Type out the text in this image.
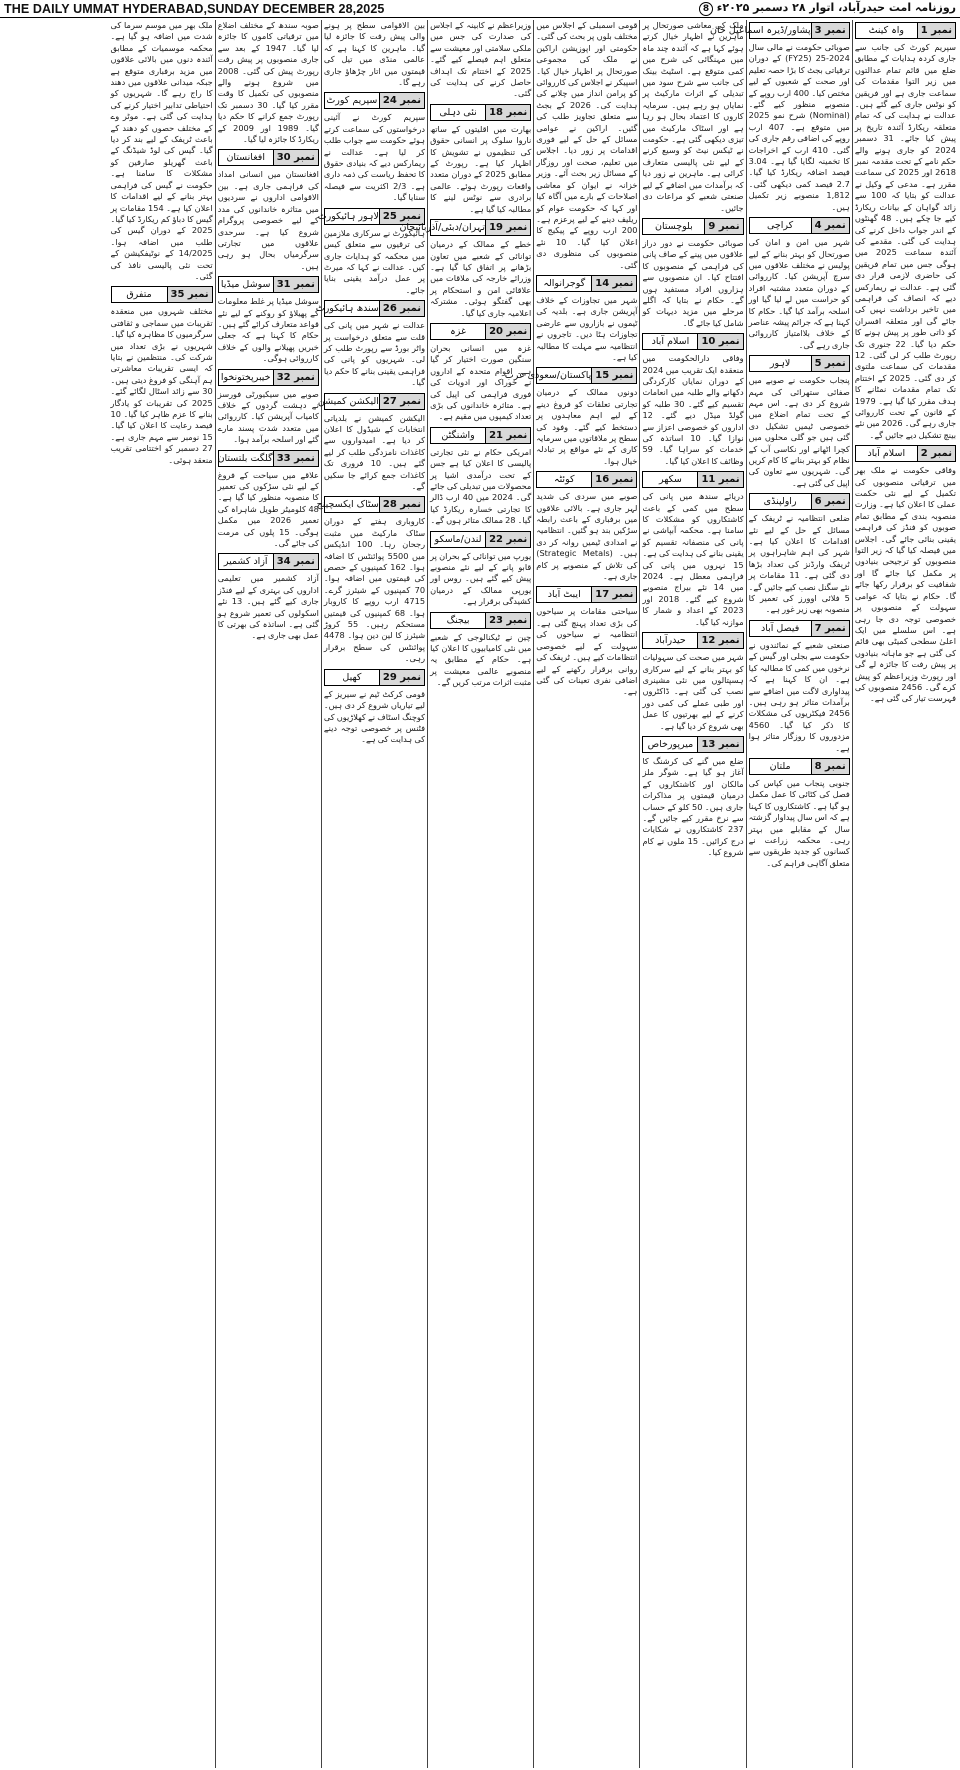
THE DAILY UMMAT HYDERABAD,SUNDAY DECEMBER 28,2025	روزنامہ امت حیدرآباد، اتوار ۲۸ دسمبر ۲۰۲۵ء 8
نمبر 1
واہ کینٹ

سپریم کورٹ کی جانب سے جاری کردہ ہدایات کے مطابق ضلع میں قائم تمام عدالتوں میں زیر التوا مقدمات کی سماعت جاری ہے اور فریقین کو نوٹس جاری کیے گئے ہیں۔ عدالت نے ہدایت کی کہ تمام متعلقہ ریکارڈ آئندہ تاریخ پر پیش کیا جائے۔ 31 دسمبر 2024 کو جاری ہونے والے حکم نامے کے تحت مقدمہ نمبر 2618 اور 2025 کی سماعت مقرر ہے۔ مدعی کے وکیل نے عدالت کو بتایا کہ 100 سے زائد گواہان کے بیانات ریکارڈ کیے جا چکے ہیں۔ 48 گھنٹوں کے اندر جواب داخل کرنے کی ہدایت کی گئی۔ مقدمے کی آئندہ سماعت 2025 میں ہوگی جس میں تمام فریقین کی حاضری لازمی قرار دی گئی ہے۔ عدالت نے ریمارکس دیے کہ انصاف کی فراہمی میں تاخیر برداشت نہیں کی جائے گی اور متعلقہ افسران کو ذاتی طور پر پیش ہونے کا حکم دیا گیا۔ 22 جنوری تک رپورٹ طلب کر لی گئی۔ 12 مقدمات کی سماعت ملتوی کر دی گئی۔ 2025 کے اختتام تک تمام مقدمات نمٹانے کا ہدف مقرر کیا گیا ہے۔ 1979 کے قانون کے تحت کارروائی جاری رہے گی۔ 2026 میں نئے بینچ تشکیل دیے جائیں گے۔

نمبر 2
اسلام آباد

وفاقی حکومت نے ملک بھر میں ترقیاتی منصوبوں کی تکمیل کے لیے نئی حکمت عملی کا اعلان کیا ہے۔ وزارت منصوبہ بندی کے مطابق تمام صوبوں کو فنڈز کی فراہمی یقینی بنائی جائے گی۔ اجلاس میں فیصلہ کیا گیا کہ زیر التوا منصوبوں کو ترجیحی بنیادوں پر مکمل کیا جائے گا اور شفافیت کو برقرار رکھا جائے گا۔ حکام نے بتایا کہ عوامی سہولت کے منصوبوں پر خصوصی توجہ دی جا رہی ہے۔ اس سلسلے میں ایک اعلیٰ سطحی کمیٹی بھی قائم کی گئی ہے جو ماہانہ بنیادوں پر پیش رفت کا جائزہ لے گی اور رپورٹ وزیراعظم کو پیش کرے گی۔ 2456 منصوبوں کی فہرست تیار کی گئی ہے۔

نمبر 3
پشاور/ڈیرہ اسماعیل خان

صوبائی حکومت نے مالی سال 2024-25 (FY25) کے دوران ترقیاتی بجٹ کا بڑا حصہ تعلیم اور صحت کے شعبوں کے لیے مختص کیا۔ 400 ارب روپے کے منصوبے منظور کیے گئے۔ (Nominal) شرح نمو 2025 میں متوقع ہے۔ 407 ارب روپے کی اضافی رقم جاری کی گئی۔ 410 ارب کے اخراجات کا تخمینہ لگایا گیا ہے۔ 3.04 فیصد اضافہ ریکارڈ کیا گیا۔ 2.7 فیصد کمی دیکھی گئی۔ 1,812 منصوبے زیر تکمیل ہیں۔

نمبر 4
کراچی

شہر میں امن و امان کی صورتحال کو بہتر بنانے کے لیے پولیس نے مختلف علاقوں میں سرچ آپریشن کیا۔ کارروائی کے دوران متعدد مشتبہ افراد کو حراست میں لے لیا گیا اور اسلحہ برآمد کیا گیا۔ حکام کا کہنا ہے کہ جرائم پیشہ عناصر کے خلاف بلاامتیاز کارروائی جاری رہے گی۔

نمبر 5
لاہور

پنجاب حکومت نے صوبے میں صفائی ستھرائی کی مہم شروع کر دی ہے۔ اس مہم کے تحت تمام اضلاع میں خصوصی ٹیمیں تشکیل دی گئی ہیں جو گلی محلوں میں کچرا اٹھانے اور نکاسی آب کے نظام کو بہتر بنانے کا کام کریں گی۔ شہریوں سے تعاون کی اپیل کی گئی ہے۔

نمبر 6
راولپنڈی

ضلعی انتظامیہ نے ٹریفک کے مسائل کے حل کے لیے نئے اقدامات کا اعلان کیا ہے۔ شہر کی اہم شاہراہوں پر ٹریفک وارڈنز کی تعداد بڑھا دی گئی ہے۔ 11 مقامات پر نئے سگنل نصب کیے جائیں گے۔ 5 فلائی اوورز کی تعمیر کا منصوبہ بھی زیر غور ہے۔

نمبر 7
فیصل آباد

صنعتی شعبے کے نمائندوں نے حکومت سے بجلی اور گیس کے نرخوں میں کمی کا مطالبہ کیا ہے۔ ان کا کہنا ہے کہ پیداواری لاگت میں اضافے سے برآمدات متاثر ہو رہی ہیں۔ 2456 فیکٹریوں کی مشکلات کا ذکر کیا گیا۔ 4560 مزدوروں کا روزگار متاثر ہوا ہے۔

نمبر 8
ملتان

جنوبی پنجاب میں کپاس کی فصل کی کٹائی کا عمل مکمل ہو گیا ہے۔ کاشتکاروں کا کہنا ہے کہ اس سال پیداوار گزشتہ سال کے مقابلے میں بہتر رہی۔ محکمہ زراعت نے کسانوں کو جدید طریقوں سے متعلق آگاہی فراہم کی۔

ملک کی معاشی صورتحال پر ماہرین نے اظہار خیال کرتے ہوئے کہا ہے کہ آئندہ چند ماہ میں مہنگائی کی شرح میں کمی متوقع ہے۔ اسٹیٹ بینک کی جانب سے شرح سود میں تبدیلی کے اثرات مارکیٹ پر نمایاں ہو رہے ہیں۔ سرمایہ کاروں کا اعتماد بحال ہو رہا ہے اور اسٹاک مارکیٹ میں تیزی دیکھی گئی ہے۔ حکومت نے ٹیکس نیٹ کو وسیع کرنے کے لیے نئی پالیسی متعارف کرائی ہے۔ ماہرین نے زور دیا کہ برآمدات میں اضافے کے لیے صنعتی شعبے کو مراعات دی جائیں۔

نمبر 9
بلوچستان

صوبائی حکومت نے دور دراز علاقوں میں پینے کے صاف پانی کی فراہمی کے منصوبوں کا افتتاح کیا۔ ان منصوبوں سے ہزاروں افراد مستفید ہوں گے۔ حکام نے بتایا کہ اگلے مرحلے میں مزید دیہات کو شامل کیا جائے گا۔

نمبر 10
اسلام آباد

وفاقی دارالحکومت میں منعقدہ ایک تقریب میں 2024 کے دوران نمایاں کارکردگی دکھانے والے طلبہ میں انعامات تقسیم کیے گئے۔ 30 طلبہ کو گولڈ میڈل دیے گئے۔ 12 اداروں کو خصوصی اعزاز سے نوازا گیا۔ 10 اساتذہ کی خدمات کو سراہا گیا۔ 59 وظائف کا اعلان کیا گیا۔

نمبر 11
سکھر

دریائے سندھ میں پانی کی سطح میں کمی کے باعث کاشتکاروں کو مشکلات کا سامنا ہے۔ محکمہ آبپاشی نے پانی کی منصفانہ تقسیم کو یقینی بنانے کی ہدایت کی ہے۔ 15 نہروں میں پانی کی فراہمی معطل ہے۔ 2024 میں 14 نئے بیراج منصوبے شروع کیے گئے۔ 2018 اور 2023 کے اعداد و شمار کا موازنہ کیا گیا۔

نمبر 12
حیدرآباد

شہر میں صحت کی سہولیات کو بہتر بنانے کے لیے سرکاری ہسپتالوں میں نئی مشینری نصب کی گئی ہے۔ ڈاکٹروں اور طبی عملے کی کمی دور کرنے کے لیے بھرتیوں کا عمل بھی شروع کر دیا گیا ہے۔

نمبر 13
میرپورخاص

ضلع میں گنے کی کرشنگ کا آغاز ہو گیا ہے۔ شوگر ملز مالکان اور کاشتکاروں کے درمیان قیمتوں پر مذاکرات جاری ہیں۔ 50 کلو کے حساب سے نرخ مقرر کیے جائیں گے۔ 237 کاشتکاروں نے شکایات درج کرائیں۔ 15 ملوں نے کام شروع کیا۔

قومی اسمبلی کے اجلاس میں مختلف بلوں پر بحث کی گئی۔ حکومتی اور اپوزیشن اراکین نے ملک کی مجموعی صورتحال پر اظہار خیال کیا۔ اسپیکر نے اجلاس کی کارروائی کو پرامن انداز میں چلانے کی ہدایت کی۔ 2026 کے بجٹ سے متعلق تجاویز طلب کی گئیں۔ اراکین نے عوامی مسائل کے حل کے لیے فوری اقدامات پر زور دیا۔ اجلاس میں تعلیم، صحت اور روزگار کے مسائل زیر بحث آئے۔ وزیر خزانہ نے ایوان کو معاشی اصلاحات کے بارے میں آگاہ کیا اور کہا کہ حکومت عوام کو ریلیف دینے کے لیے پرعزم ہے۔ 200 ارب روپے کے پیکیج کا اعلان کیا گیا۔ 10 نئے منصوبوں کی منظوری دی گئی۔

نمبر 14
گوجرانوالہ

شہر میں تجاوزات کے خلاف آپریشن جاری ہے۔ بلدیہ کی ٹیموں نے بازاروں سے عارضی تجاوزات ہٹا دیں۔ تاجروں نے انتظامیہ سے مہلت کا مطالبہ کیا ہے۔

نمبر 15
پاکستان/سعودی عرب

دونوں ممالک کے درمیان تجارتی تعلقات کو فروغ دینے کے لیے اہم معاہدوں پر دستخط کیے گئے۔ وفود کی سطح پر ملاقاتوں میں سرمایہ کاری کے نئے مواقع پر تبادلہ خیال ہوا۔

نمبر 16
کوئٹہ

صوبے میں سردی کی شدید لہر جاری ہے۔ بالائی علاقوں میں برفباری کے باعث رابطہ سڑکیں بند ہو گئیں۔ انتظامیہ نے امدادی ٹیمیں روانہ کر دی ہیں۔ (Strategic Metals) کی تلاش کے منصوبے پر کام جاری ہے۔

نمبر 17
ایبٹ آباد

سیاحتی مقامات پر سیاحوں کی بڑی تعداد پہنچ گئی ہے۔ انتظامیہ نے سیاحوں کی سہولت کے لیے خصوصی انتظامات کیے ہیں۔ ٹریفک کی روانی برقرار رکھنے کے لیے اضافی نفری تعینات کی گئی ہے۔

وزیراعظم نے کابینہ کے اجلاس کی صدارت کی جس میں ملکی سلامتی اور معیشت سے متعلق اہم فیصلے کیے گئے۔ 2025 کے اختتام تک اہداف حاصل کرنے کی ہدایت کی گئی۔

نمبر 18
نئی دہلی

بھارت میں اقلیتوں کے ساتھ ناروا سلوک پر انسانی حقوق کی تنظیموں نے تشویش کا اظہار کیا ہے۔ رپورٹ کے مطابق 2025 کے دوران متعدد واقعات رپورٹ ہوئے۔ عالمی برادری سے نوٹس لینے کا مطالبہ کیا گیا ہے۔

نمبر 19
تہران/دبئی/آذربائیجان

خطے کے ممالک کے درمیان توانائی کے شعبے میں تعاون بڑھانے پر اتفاق کیا گیا ہے۔ وزرائے خارجہ کی ملاقات میں علاقائی امن و استحکام پر بھی گفتگو ہوئی۔ مشترکہ اعلامیہ جاری کیا گیا۔

نمبر 20
غزہ

غزہ میں انسانی بحران سنگین صورت اختیار کر گیا ہے۔ اقوام متحدہ کے اداروں نے خوراک اور ادویات کی فوری فراہمی کی اپیل کی ہے۔ متاثرہ خاندانوں کی بڑی تعداد کیمپوں میں مقیم ہے۔

نمبر 21
واشنگٹن

امریکی حکام نے نئی تجارتی پالیسی کا اعلان کیا ہے جس کے تحت درآمدی اشیا پر محصولات میں تبدیلی کی جائے گی۔ 2024 میں 40 ارب ڈالر کا تجارتی خسارہ ریکارڈ کیا گیا۔ 28 ممالک متاثر ہوں گے۔

نمبر 22
لندن/ماسکو

یورپ میں توانائی کے بحران پر قابو پانے کے لیے نئے منصوبے پیش کیے گئے ہیں۔ روس اور یورپی ممالک کے درمیان کشیدگی برقرار ہے۔

نمبر 23
بیجنگ

چین نے ٹیکنالوجی کے شعبے میں نئی کامیابیوں کا اعلان کیا ہے۔ حکام کے مطابق یہ منصوبے عالمی معیشت پر مثبت اثرات مرتب کریں گے۔

بین الاقوامی سطح پر ہونے والی پیش رفت کا جائزہ لیا گیا۔ ماہرین کا کہنا ہے کہ عالمی منڈی میں تیل کی قیمتوں میں اتار چڑھاؤ جاری رہے گا۔

نمبر 24
سپریم کورٹ

سپریم کورٹ نے آئینی درخواستوں کی سماعت کرتے ہوئے حکومت سے جواب طلب کر لیا ہے۔ عدالت نے ریمارکس دیے کہ بنیادی حقوق کا تحفظ ریاست کی ذمہ داری ہے۔ 2/3 اکثریت سے فیصلہ سنایا گیا۔

نمبر 25
لاہور ہائیکورٹ

ہائیکورٹ نے سرکاری ملازمین کی ترقیوں سے متعلق کیس میں محکمہ کو ہدایات جاری کیں۔ عدالت نے کہا کہ میرٹ پر عمل درآمد یقینی بنایا جائے۔

نمبر 26
سندھ ہائیکورٹ

عدالت نے شہر میں پانی کی قلت سے متعلق درخواست پر واٹر بورڈ سے رپورٹ طلب کر لی۔ شہریوں کو پانی کی فراہمی یقینی بنانے کا حکم دیا گیا۔

نمبر 27
الیکشن کمیشن

الیکشن کمیشن نے بلدیاتی انتخابات کے شیڈول کا اعلان کر دیا ہے۔ امیدواروں سے کاغذات نامزدگی طلب کر لیے گئے ہیں۔ 10 فروری تک کاغذات جمع کرائے جا سکیں گے۔

نمبر 28
سٹاک ایکسچینج

کاروباری ہفتے کے دوران سٹاک مارکیٹ میں مثبت رجحان رہا۔ 100 انڈیکس میں 5500 پوائنٹس کا اضافہ ہوا۔ 162 کمپنیوں کے حصص کی قیمتوں میں اضافہ ہوا۔ 70 کمپنیوں کے شیئرز گرے۔ 4715 ارب روپے کا کاروبار ہوا۔ 68 کمپنیوں کی قیمتیں مستحکم رہیں۔ 55 کروڑ شیئرز کا لین دین ہوا۔ 4478 پوائنٹس کی سطح برقرار رہی۔

نمبر 29
کھیل

قومی کرکٹ ٹیم نے سیریز کے لیے تیاریاں شروع کر دی ہیں۔ کوچنگ اسٹاف نے کھلاڑیوں کی فٹنس پر خصوصی توجہ دینے کی ہدایت کی ہے۔

صوبہ سندھ کے مختلف اضلاع میں ترقیاتی کاموں کا جائزہ لیا گیا۔ 1947 کے بعد سے جاری منصوبوں پر پیش رفت رپورٹ پیش کی گئی۔ 2008 میں شروع ہونے والے منصوبوں کی تکمیل کا وقت مقرر کیا گیا۔ 30 دسمبر تک رپورٹ جمع کرانے کا حکم دیا گیا۔ 1989 اور 2009 کے ریکارڈ کا جائزہ لیا گیا۔

نمبر 30
افغانستان

افغانستان میں انسانی امداد کی فراہمی جاری ہے۔ بین الاقوامی اداروں نے سردیوں میں متاثرہ خاندانوں کی مدد کے لیے خصوصی پروگرام شروع کیا ہے۔ سرحدی علاقوں میں تجارتی سرگرمیاں بحال ہو رہی ہیں۔

نمبر 31
سوشل میڈیا

سوشل میڈیا پر غلط معلومات کے پھیلاؤ کو روکنے کے لیے نئے قواعد متعارف کرائے گئے ہیں۔ حکام کا کہنا ہے کہ جعلی خبریں پھیلانے والوں کے خلاف کارروائی ہوگی۔

نمبر 32
خیبرپختونخوا

صوبے میں سیکیورٹی فورسز نے دہشت گردوں کے خلاف کامیاب آپریشن کیا۔ کارروائی میں متعدد شدت پسند مارے گئے اور اسلحہ برآمد ہوا۔

نمبر 33
گلگت بلتستان

علاقے میں سیاحت کے فروغ کے لیے نئی سڑکوں کی تعمیر کا منصوبہ منظور کیا گیا ہے۔ 48 کلومیٹر طویل شاہراہ کی تعمیر 2026 میں مکمل ہوگی۔ 15 پلوں کی مرمت کی جائے گی۔

نمبر 34
آزاد کشمیر

آزاد کشمیر میں تعلیمی اداروں کی بہتری کے لیے فنڈز جاری کیے گئے ہیں۔ 13 نئے اسکولوں کی تعمیر شروع ہو گئی ہے۔ اساتذہ کی بھرتی کا عمل بھی جاری ہے۔

ملک بھر میں موسم سرما کی شدت میں اضافہ ہو گیا ہے۔ محکمہ موسمیات کے مطابق آئندہ دنوں میں بالائی علاقوں میں مزید برفباری متوقع ہے جبکہ میدانی علاقوں میں دھند کا راج رہے گا۔ شہریوں کو احتیاطی تدابیر اختیار کرنے کی ہدایت کی گئی ہے۔ موٹر وے کے مختلف حصوں کو دھند کے باعث ٹریفک کے لیے بند کر دیا گیا۔ گیس کی لوڈ شیڈنگ کے باعث گھریلو صارفین کو مشکلات کا سامنا ہے۔ حکومت نے گیس کی فراہمی بہتر بنانے کے لیے اقدامات کا اعلان کیا ہے۔ 154 مقامات پر گیس کا دباؤ کم ریکارڈ کیا گیا۔ 2025 کے دوران گیس کی طلب میں اضافہ ہوا۔ 14/2025 کے نوٹیفکیشن کے تحت نئی پالیسی نافذ کی گئی۔

نمبر 35
متفرق

مختلف شہروں میں منعقدہ تقریبات میں سماجی و ثقافتی سرگرمیوں کا مظاہرہ کیا گیا۔ شہریوں نے بڑی تعداد میں شرکت کی۔ منتظمین نے بتایا کہ ایسی تقریبات معاشرتی ہم آہنگی کو فروغ دیتی ہیں۔ 30 سے زائد اسٹال لگائے گئے۔ 2025 کی تقریبات کو یادگار بنانے کا عزم ظاہر کیا گیا۔ 10 فیصد رعایت کا اعلان کیا گیا۔ 15 نومبر سے مہم جاری ہے۔ 27 دسمبر کو اختتامی تقریب منعقد ہوئی۔
